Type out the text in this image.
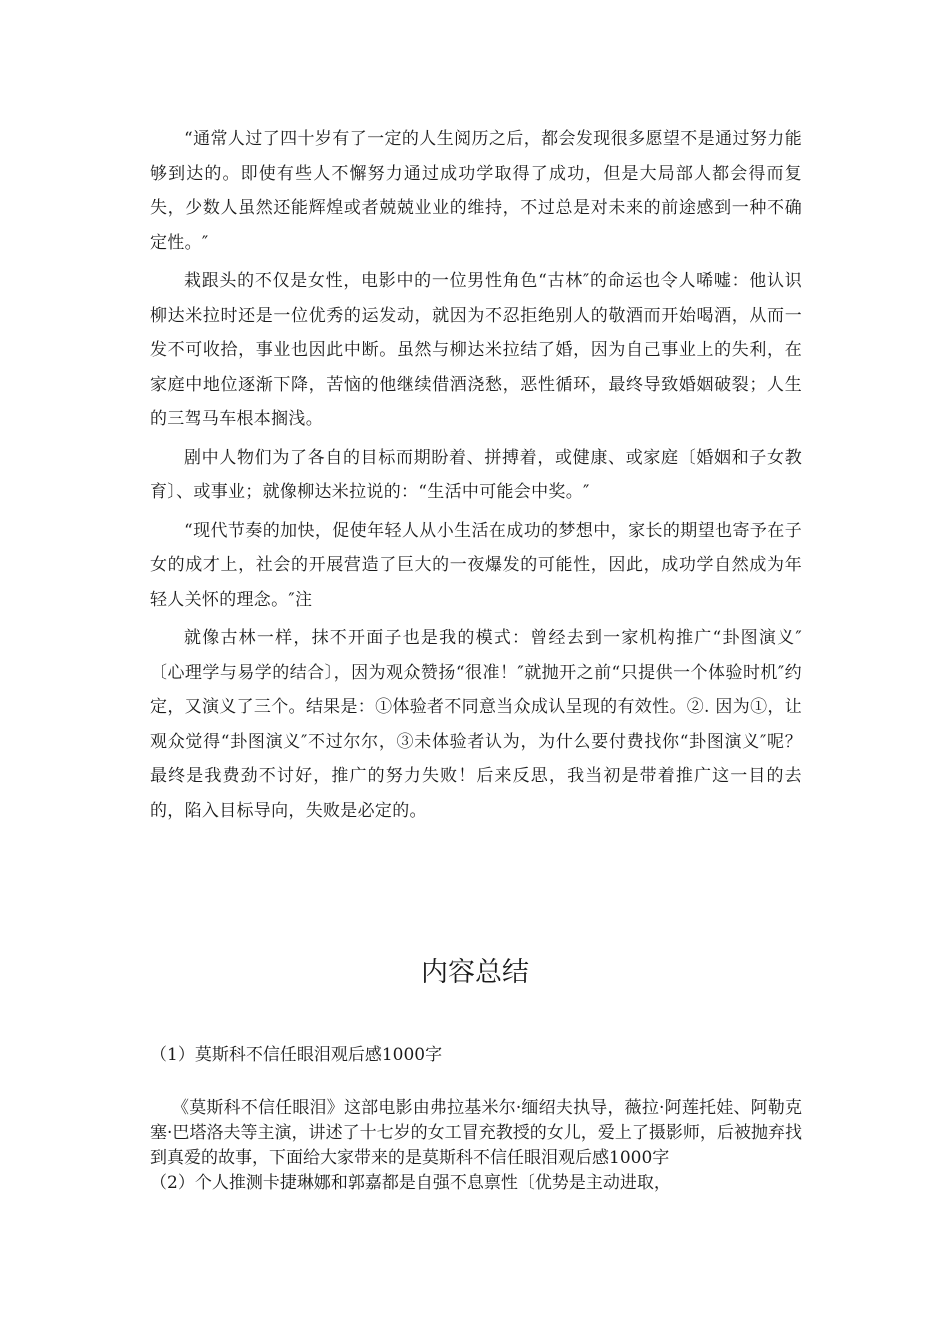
“通常人过了四十岁有了一定的人生阅历之后，都会发现很多愿望不是通过努力能够到达的。即使有些人不懈努力通过成功学取得了成功，但是大局部人都会得而复失，少数人虽然还能辉煌或者兢兢业业的维持，不过总是对未来的前途感到一种不确定性。″

栽跟头的不仅是女性，电影中的一位男性角色“古林″的命运也令人唏嘘：他认识柳达米拉时还是一位优秀的运发动，就因为不忍拒绝别人的敬酒而开始喝酒，从而一发不可收拾，事业也因此中断。虽然与柳达米拉结了婚，因为自己事业上的失利，在家庭中地位逐渐下降，苦恼的他继续借酒浇愁，恶性循环，最终导致婚姻破裂；人生的三驾马车根本搁浅。

剧中人物们为了各自的目标而期盼着、拼搏着，或健康、或家庭〔婚姻和子女教育〕、或事业；就像柳达米拉说的：“生活中可能会中奖。″

“现代节奏的加快，促使年轻人从小生活在成功的梦想中，家长的期望也寄予在子女的成才上，社会的开展营造了巨大的一夜爆发的可能性，因此，成功学自然成为年轻人关怀的理念。″注

就像古林一样，抹不开面子也是我的模式：曾经去到一家机构推广“卦图演义″〔心理学与易学的结合〕，因为观众赞扬“很准！″就抛开之前“只提供一个体验时机″约定，又演义了三个。结果是：①体验者不同意当众成认呈现的有效性。②. 因为①，让观众觉得“卦图演义″不过尔尔，③未体验者认为，为什么要付费找你“卦图演义″呢？最终是我费劲不讨好，推广的努力失败！后来反思，我当初是带着推广这一目的去的，陷入目标导向，失败是必定的。

内容总结

（1）莫斯科不信任眼泪观后感1000字

《莫斯科不信任眼泪》这部电影由弗拉基米尔·缅绍夫执导，薇拉·阿莲托娃、阿勒克塞·巴塔洛夫等主演，讲述了十七岁的女工冒充教授的女儿，爱上了摄影师，后被抛弃找到真爱的故事，下面给大家带来的是莫斯科不信任眼泪观后感1000字
（2）个人推测卡捷琳娜和郭嘉都是自强不息禀性〔优势是主动进取，
